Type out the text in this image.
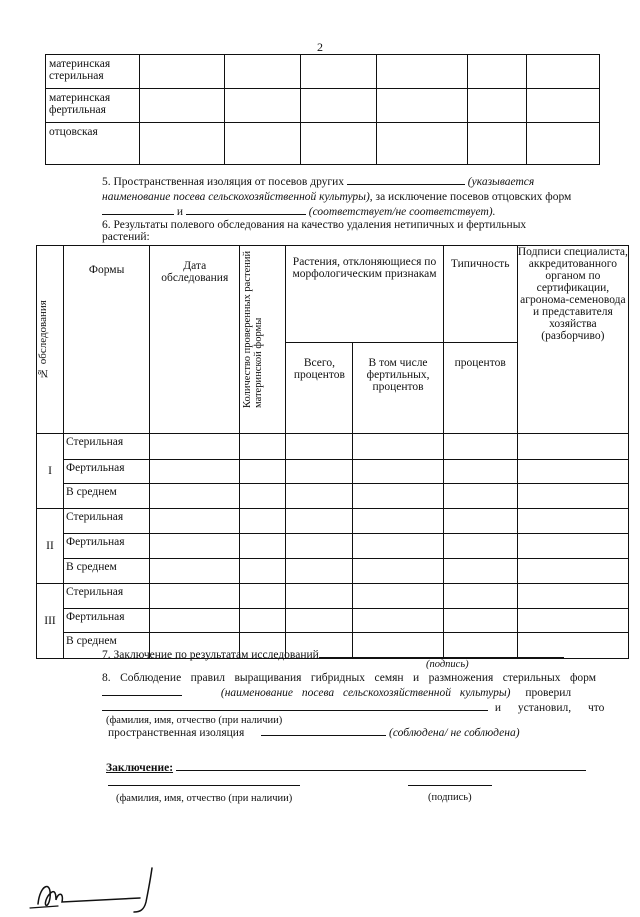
2
материнская стерильная						
материнская фертильная						
отцовская						
5. Пространственная изоляция от посевов других	(указывается
наименование посева сельскохозяйственной культуры), за исключение посевов отцовских форм
и	(соответствует/не соответствует).
6. Результаты полевого обследования на качество удаления нетипичных и фертильных
растений:
№ обследования	Формы	Дата обследования	Количество проверенных растений материнской формы	Растения, отклоняющиеся по морфологическим признакам		Типичность	Подписи специалиста, аккредитованного органом по сертификации, агронома-семеновода и представителя хозяйства (разборчиво)
				Всего, процентов	В том числе фертильных, процентов	процентов	
I	Стерильная						
	Фертильная						
	В среднем						
II	Стерильная						
	Фертильная						
	В среднем						
III	Стерильная						
	Фертильная						
	В среднем						
7. Заключение по результатам исследований
(подпись)
8. Соблюдение правил выращивания гибридных семян и размножения стерильных форм
(наименование посева сельскохозяйственной культуры) проверил
и установил, что
(фамилия, имя, отчество (при наличии)
пространственная изоляция	(соблюдена/ не соблюдена)
Заключение:
(фамилия, имя, отчество (при наличии)	(подпись)
